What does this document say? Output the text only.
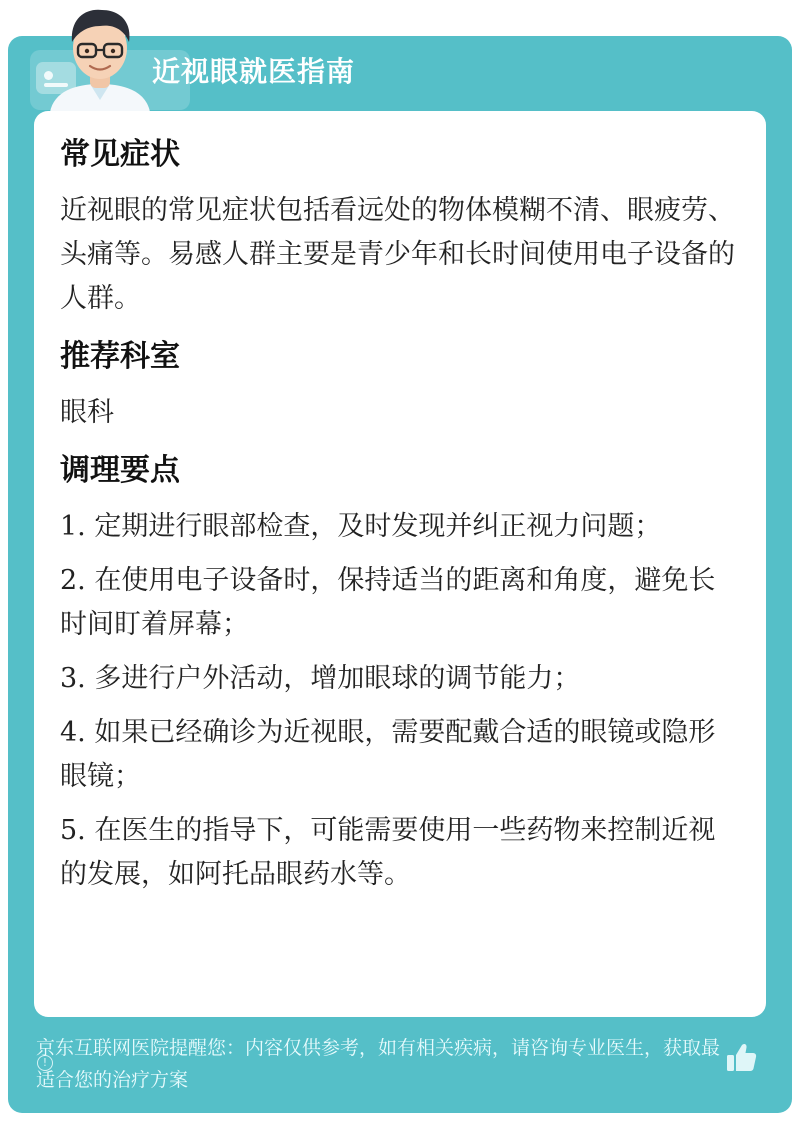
近视眼就医指南
常见症状

近视眼的常见症状包括看远处的物体模糊不清、眼疲劳、头痛等。易感人群主要是青少年和长时间使用电子设备的人群。

推荐科室

眼科

调理要点

1. 定期进行眼部检查，及时发现并纠正视力问题；

2. 在使用电子设备时，保持适当的距离和角度，避免长时间盯着屏幕；

3. 多进行户外活动，增加眼球的调节能力；

4. 如果已经确诊为近视眼，需要配戴合适的眼镜或隐形眼镜；

5. 在医生的指导下，可能需要使用一些药物来控制近视的发展，如阿托品眼药水等。

!
京东互联网医院提醒您：内容仅供参考，如有相关疾病，请咨询专业医生，获取最适合您的治疗方案
